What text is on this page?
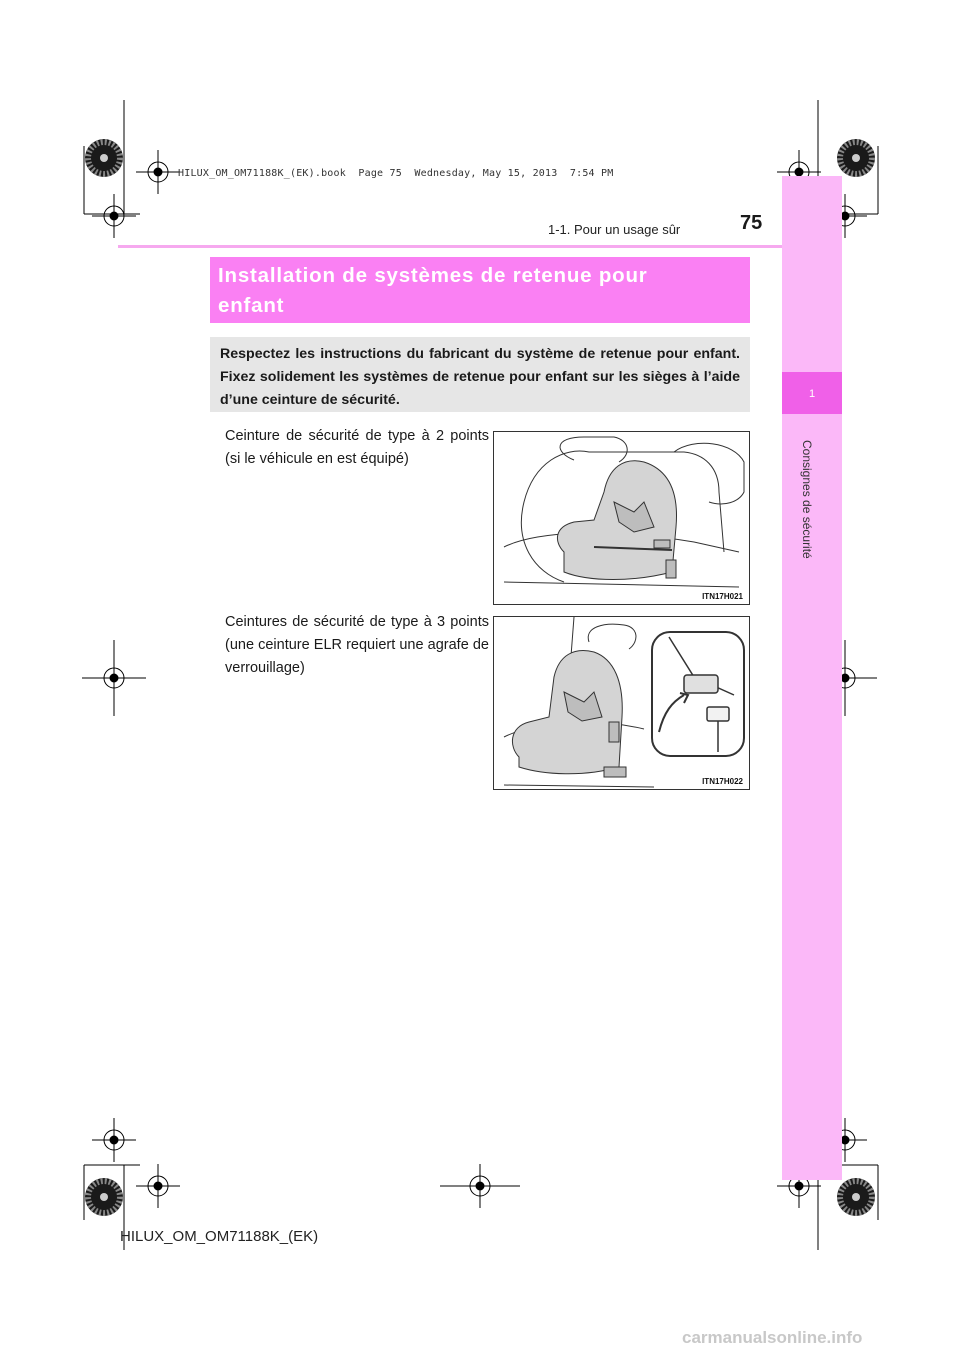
HILUX_OM_OM71188K_(EK).book  Page 75  Wednesday, May 15, 2013  7:54 PM
75
1-1. Pour un usage sûr
1
Consignes de sécurité
Installation de systèmes de retenue pour
enfant
Respectez les instructions du fabricant du système de retenue pour enfant. Fixez solidement les systèmes de retenue pour enfant sur les sièges à l’aide d’une ceinture de sécurité.
Ceinture de sécurité de type à 2 points (si le véhicule en est équipé)
Ceintures de sécurité de type à 3 points (une ceinture ELR requiert une agrafe de verrouillage)
ITN17H021
ITN17H022
HILUX_OM_OM71188K_(EK)
carmanualsonline.info
